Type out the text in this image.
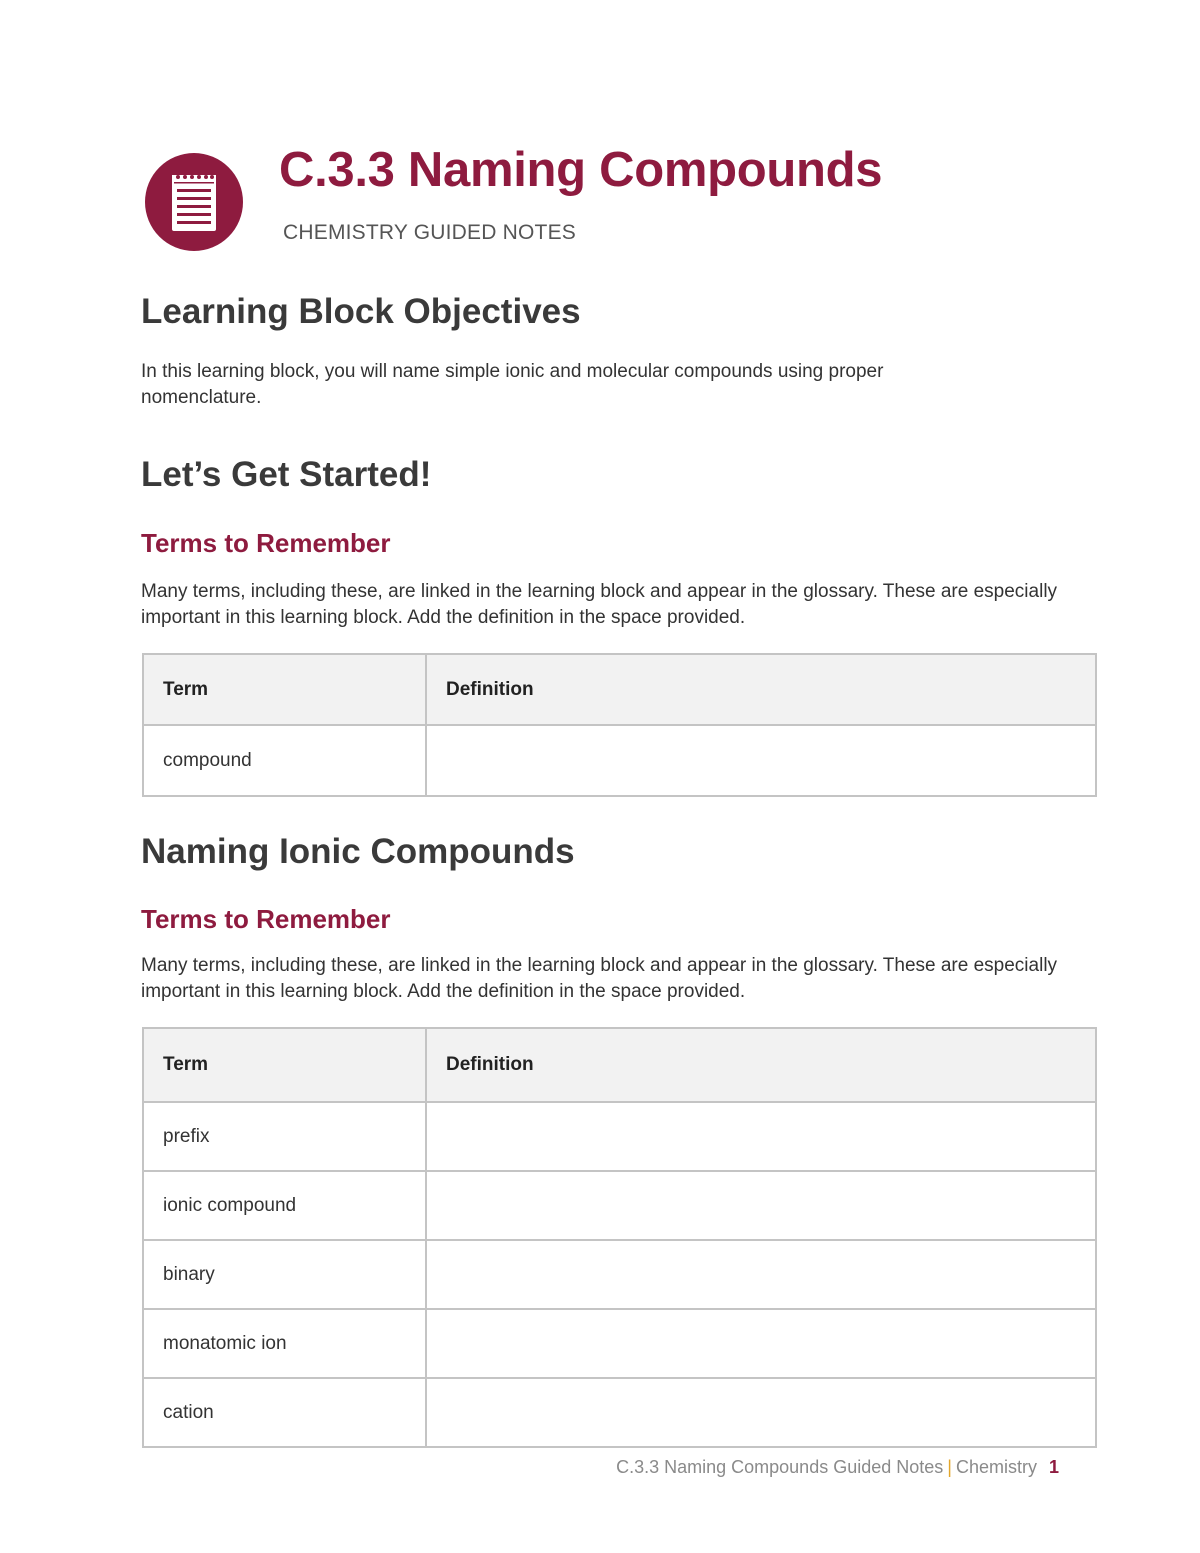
C.3.3 Naming Compounds
CHEMISTRY GUIDED NOTES
Learning Block Objectives

In this learning block, you will name simple ionic and molecular compounds using proper nomenclature.

Let’s Get Started!
Terms to Remember

Many terms, including these, are linked in the learning block and appear in the glossary. These are especially important in this learning block. Add the definition in the space provided.

Term	Definition
compound	
Naming Ionic Compounds
Terms to Remember

Many terms, including these, are linked in the learning block and appear in the glossary. These are especially important in this learning block. Add the definition in the space provided.

Term	Definition
prefix	
ionic compound	
binary	
monatomic ion	
cation	
C.3.3 Naming Compounds Guided Notes | Chemistry 1
